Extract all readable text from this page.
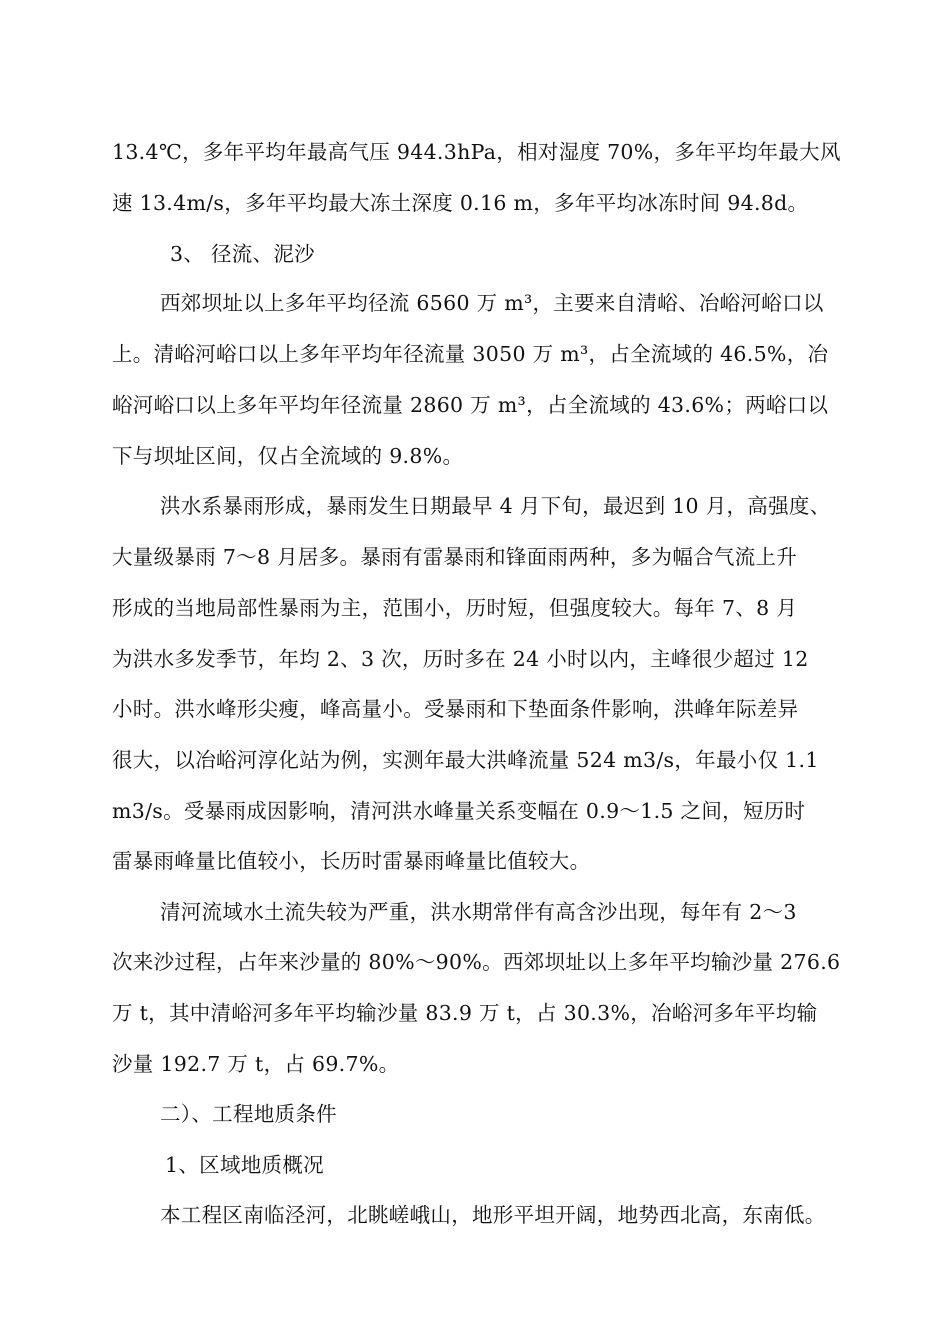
13.4℃，多年平均年最高气压 944.3hPa，相对湿度 70%，多年平均年最大风
速 13.4m/s，多年平均最大冻土深度 0.16 m，多年平均冰冻时间 94.8d。
3、 径流、泥沙
西郊坝址以上多年平均径流 6560 万 m³，主要来自清峪、冶峪河峪口以
上。清峪河峪口以上多年平均年径流量 3050 万 m³，占全流域的 46.5%，冶
峪河峪口以上多年平均年径流量 2860 万 m³，占全流域的 43.6%；两峪口以
下与坝址区间，仅占全流域的 9.8%。
洪水系暴雨形成，暴雨发生日期最早 4 月下旬，最迟到 10 月，高强度、
大量级暴雨 7～8 月居多。暴雨有雷暴雨和锋面雨两种，多为幅合气流上升
形成的当地局部性暴雨为主，范围小，历时短，但强度较大。每年 7、8 月
为洪水多发季节，年均 2、3 次，历时多在 24 小时以内，主峰很少超过 12
小时。洪水峰形尖瘦，峰高量小。受暴雨和下垫面条件影响，洪峰年际差异
很大，以冶峪河淳化站为例，实测年最大洪峰流量 524 m3/s，年最小仅 1.1
m3/s。受暴雨成因影响，清河洪水峰量关系变幅在 0.9～1.5 之间，短历时
雷暴雨峰量比值较小，长历时雷暴雨峰量比值较大。
清河流域水土流失较为严重，洪水期常伴有高含沙出现，每年有 2～3
次来沙过程，占年来沙量的 80%～90%。西郊坝址以上多年平均输沙量 276.6
万 t，其中清峪河多年平均输沙量 83.9 万 t，占 30.3%，冶峪河多年平均输
沙量 192.7 万 t，占 69.7%。
二）、工程地质条件
1、区域地质概况
本工程区南临泾河，北眺嵯峨山，地形平坦开阔，地势西北高，东南低。
